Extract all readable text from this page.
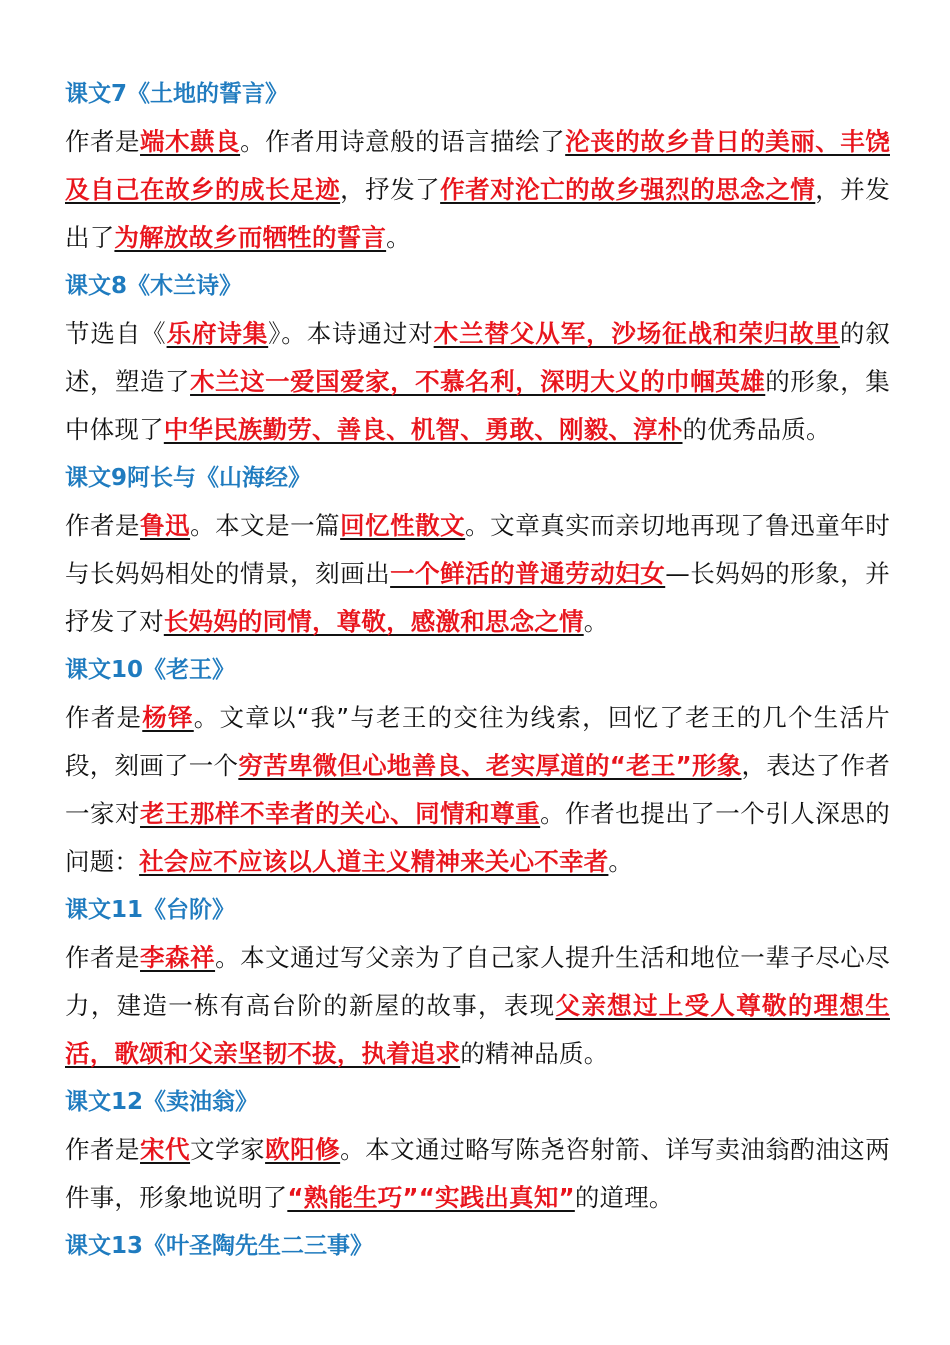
课文7《土地的誓言》
作者是端木蕻良。作者用诗意般的语言描绘了沦丧的故乡昔日的美丽、丰饶及自己在故乡的成长足迹，抒发了作者对沦亡的故乡强烈的思念之情，并发出了为解放故乡而牺牲的誓言。
课文8《木兰诗》
节选自《乐府诗集》。本诗通过对木兰替父从军，沙场征战和荣归故里的叙述，塑造了木兰这一爱国爱家，不慕名利，深明大义的巾帼英雄的形象，集中体现了中华民族勤劳、善良、机智、勇敢、刚毅、淳朴的优秀品质。
课文9阿长与《山海经》
作者是鲁迅。本文是一篇回忆性散文。文章真实而亲切地再现了鲁迅童年时与长妈妈相处的情景，刻画出一个鲜活的普通劳动妇女—长妈妈的形象，并抒发了对长妈妈的同情，尊敬，感激和思念之情。
课文10《老王》
作者是杨铎。文章以“我”与老王的交往为线索，回忆了老王的几个生活片段，刻画了一个穷苦卑微但心地善良、老实厚道的“老王”形象，表达了作者一家对老王那样不幸者的关心、同情和尊重。作者也提出了一个引人深思的问题：社会应不应该以人道主义精神来关心不幸者。
课文11《台阶》
作者是李森祥。本文通过写父亲为了自己家人提升生活和地位一辈子尽心尽力，建造一栋有高台阶的新屋的故事，表现父亲想过上受人尊敬的理想生活，歌颂和父亲坚韧不拔，执着追求的精神品质。
课文12《卖油翁》
作者是宋代文学家欧阳修。本文通过略写陈尧咨射箭、详写卖油翁酌油这两件事，形象地说明了“熟能生巧”“实践出真知”的道理。
课文13《叶圣陶先生二三事》
